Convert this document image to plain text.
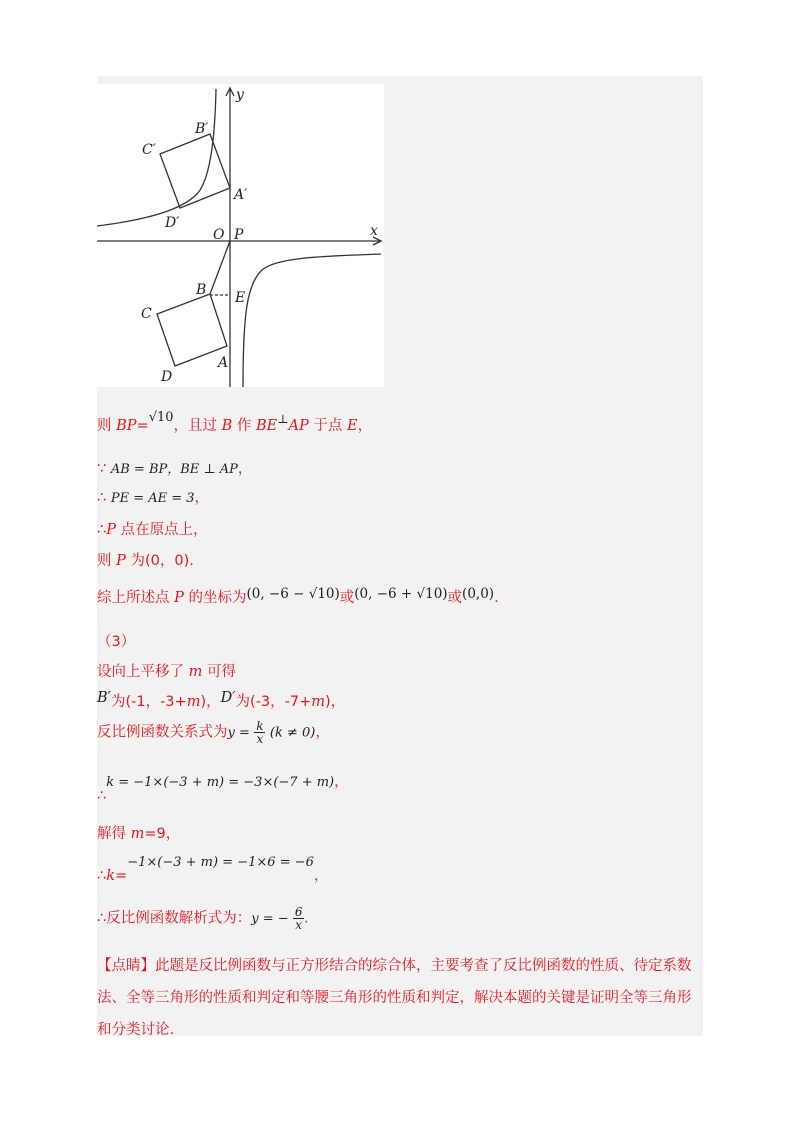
y
x
O P
B′
C′
A′
D′
B
C
E
A
D
则 BP=√10，且过 B 作 BE⊥AP 于点 E，
∵ AB = BP，BE ⊥ AP，
∴ PE = AE = 3，
∴P 点在原点上，
则 P 为(0，0).
综上所述点 P 的坐标为(0, −6 − √10)或(0, −6 + √10)或(0,0).
（3）
设向上平移了 m 可得
B′为(-1，-3+m)，D′为(-3，-7+m)，
反比例函数关系式为$y = \frac{k}{x} (k \ne 0)$，
∴k = −1×(−3 + m) = −3×(−7 + m)，
解得 m=9，
∴k=−1×(−3 + m) = −1×6 = −6，
∴反比例函数解析式为：y = − $\frac{6}{x}$ .
【点睛】此题是反比例函数与正方形结合的综合体，主要考查了反比例函数的性质、待定系数法、全等三角形的性质和判定和等腰三角形的性质和判定，解决本题的关键是证明全等三角形和分类讨论.
